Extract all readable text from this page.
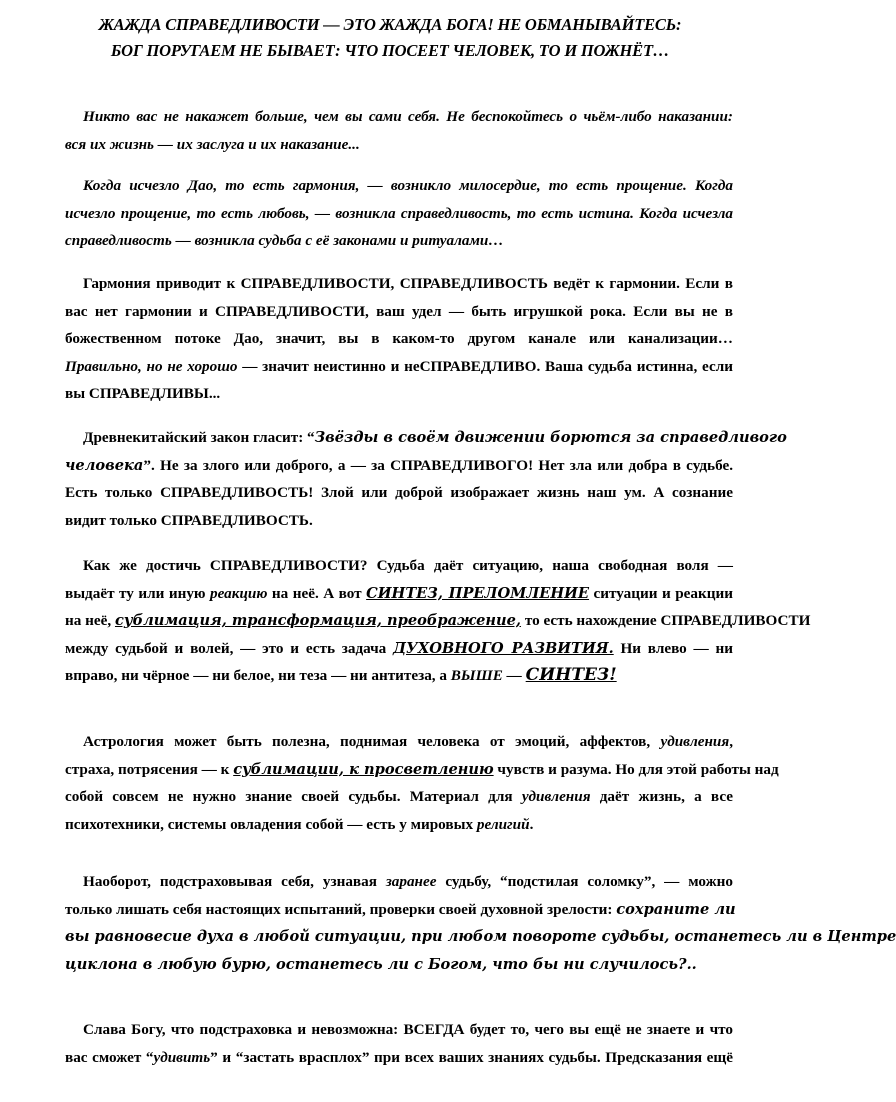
ЖАЖДА СПРАВЕДЛИВОСТИ — ЭТО ЖАЖДА БОГА! НЕ ОБМАНЫВАЙТЕСЬ:
БОГ ПОРУГАЕМ НЕ БЫВАЕТ: ЧТО ПОСЕЕТ ЧЕЛОВЕК, ТО И ПОЖНЁТ…
Никто вас не накажет больше, чем вы сами себя. Не беспокойтесь о чьём-либо наказании:
вся их жизнь — их заслуга и их наказание...
Когда исчезло Дао, то есть гармония, — возникло милосердие, то есть прощение. Когда
исчезло прощение, то есть любовь, — возникла справедливость, то есть истина. Когда исчезла
справедливость — возникла судьба с её законами и ритуалами…
Гармония приводит к СПРАВЕДЛИВОСТИ, СПРАВЕДЛИВОСТЬ ведёт к гармонии. Если в
вас нет гармонии и СПРАВЕДЛИВОСТИ, ваш удел — быть игрушкой рока. Если вы не в
божественном потоке Дао, значит, вы в каком-то другом канале или канализации…
Правильно, но не хорошо — значит неистинно и неСПРАВЕДЛИВО. Ваша судьба истинна, если
вы СПРАВЕДЛИВЫ...
Древнекитайский закон гласит: “Звёзды в своём движении борются за справедливого
человека”. Не за злого или доброго, а — за СПРАВЕДЛИВОГО! Нет зла или добра в судьбе.
Есть только СПРАВЕДЛИВОСТЬ! Злой или доброй изображает жизнь наш ум. А сознание
видит только СПРАВЕДЛИВОСТЬ.
Как же достичь СПРАВЕДЛИВОСТИ? Судьба даёт ситуацию, наша свободная воля —
выдаёт ту или иную реакцию на неё. А вот СИНТЕЗ, ПРЕЛОМЛЕНИЕ ситуации и реакции
на неё, сублимация, трансформация, преображение, то есть нахождение СПРАВЕДЛИВОСТИ
между судьбой и волей, — это и есть задача ДУХОВНОГО РАЗВИТИЯ. Ни влево — ни
вправо, ни чёрное — ни белое, ни теза — ни антитеза, а ВЫШЕ — СИНТЕЗ!
Астрология может быть полезна, поднимая человека от эмоций, аффектов, удивления,
страха, потрясения — к сублимации, к просветлению чувств и разума. Но для этой работы над
собой совсем не нужно знание своей судьбы. Материал для удивления даёт жизнь, а все
психотехники, системы овладения собой — есть у мировых религий.
Наоборот, подстраховывая себя, узнавая заранее судьбу, “подстилая соломку”, — можно
только лишать себя настоящих испытаний, проверки своей духовной зрелости: сохраните ли
вы равновесие духа в любой ситуации, при любом повороте судьбы, останетесь ли в Центре
циклона в любую бурю, останетесь ли с Богом, что бы ни случилось?..
Слава Богу, что подстраховка и невозможна: ВСЕГДА будет то, чего вы ещё не знаете и что
вас сможет “удивить” и “застать врасплох” при всех ваших знаниях судьбы. Предсказания ещё
